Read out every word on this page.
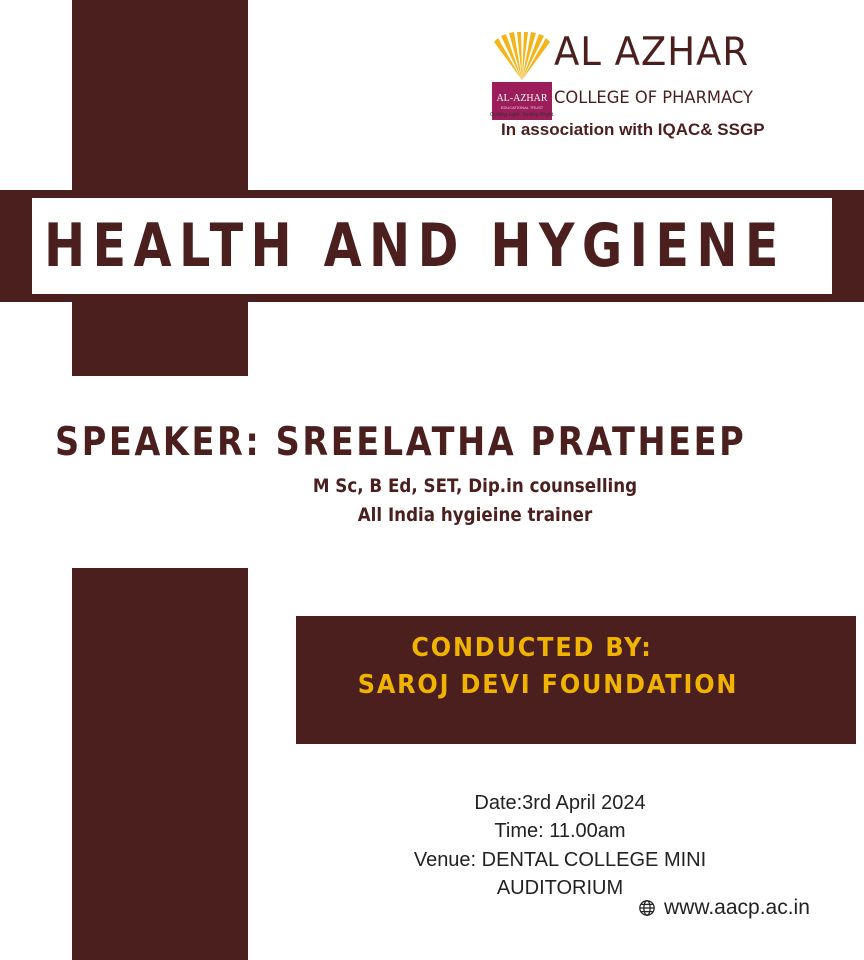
HEALTH AND HYGIENE
AL-AZHAR
EDUCATIONAL TRUST
Guiding Light. Smiling Bright.
AL AZHAR
COLLEGE OF PHARMACY
In association with IQAC& SSGP
SPEAKER: SREELATHA PRATHEEP
M Sc, B Ed, SET, Dip.in counselling
All India hygieine trainer
CONDUCTED BY:
SAROJ DEVI FOUNDATION
Date:3rd April 2024
Time: 11.00am
Venue: DENTAL COLLEGE MINI
AUDITORIUM
www.aacp.ac.in
